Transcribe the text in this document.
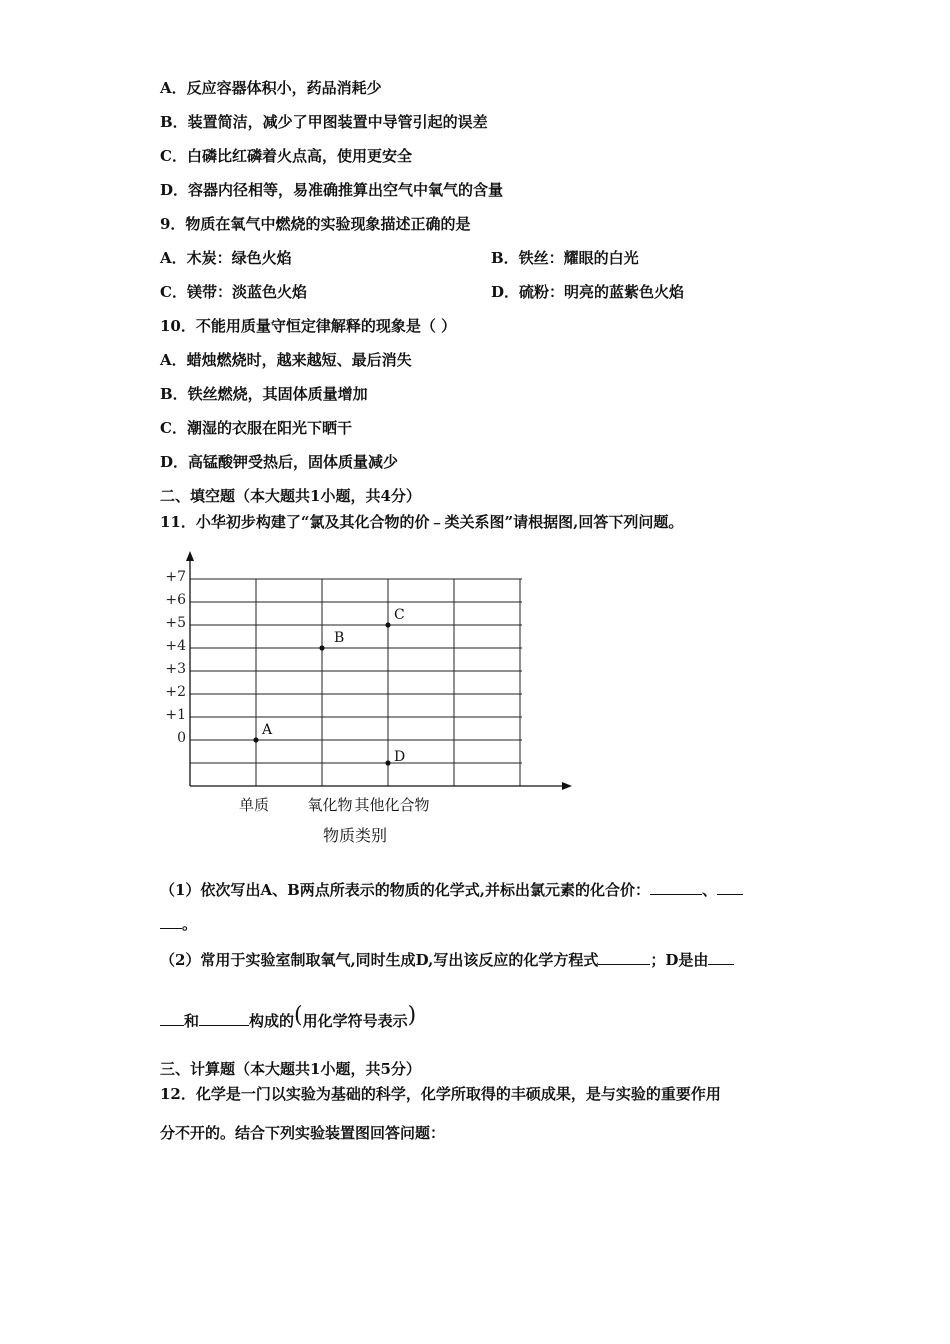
A．反应容器体积小，药品消耗少
B．装置简洁，减少了甲图装置中导管引起的误差
C．白磷比红磷着火点高，使用更安全
D．容器内径相等，易准确推算出空气中氧气的含量
9．物质在氧气中燃烧的实验现象描述正确的是
A．木炭：绿色火焰	B．铁丝：耀眼的白光
C．镁带：淡蓝色火焰	D．硫粉：明亮的蓝紫色火焰
10．不能用质量守恒定律解释的现象是（ ）
A．蜡烛燃烧时，越来越短、最后消失
B．铁丝燃烧，其固体质量增加
C．潮湿的衣服在阳光下晒干
D．高锰酸钾受热后，固体质量减少
二、填空题（本大题共1小题，共4分）
11．小华初步构建了“氯及其化合物的价﹣类关系图”请根据图,回答下列问题。
+7
+6
+5
+4
+3
+2
+1
0
单质	氧化物 其他化合物
A
B
C
D
物质类别
（1）依次写出A、B两点所表示的物质的化学式,并标出氯元素的化合价：	、
。
（2）常用于实验室制取氧气,同时生成D,写出该反应的化学方程式	；D是由
和	构成的(用化学符号表示)
三、计算题（本大题共1小题，共5分）
12．化学是一门以实验为基础的科学，化学所取得的丰硕成果，是与实验的重要作用
分不开的。结合下列实验装置图回答问题：
